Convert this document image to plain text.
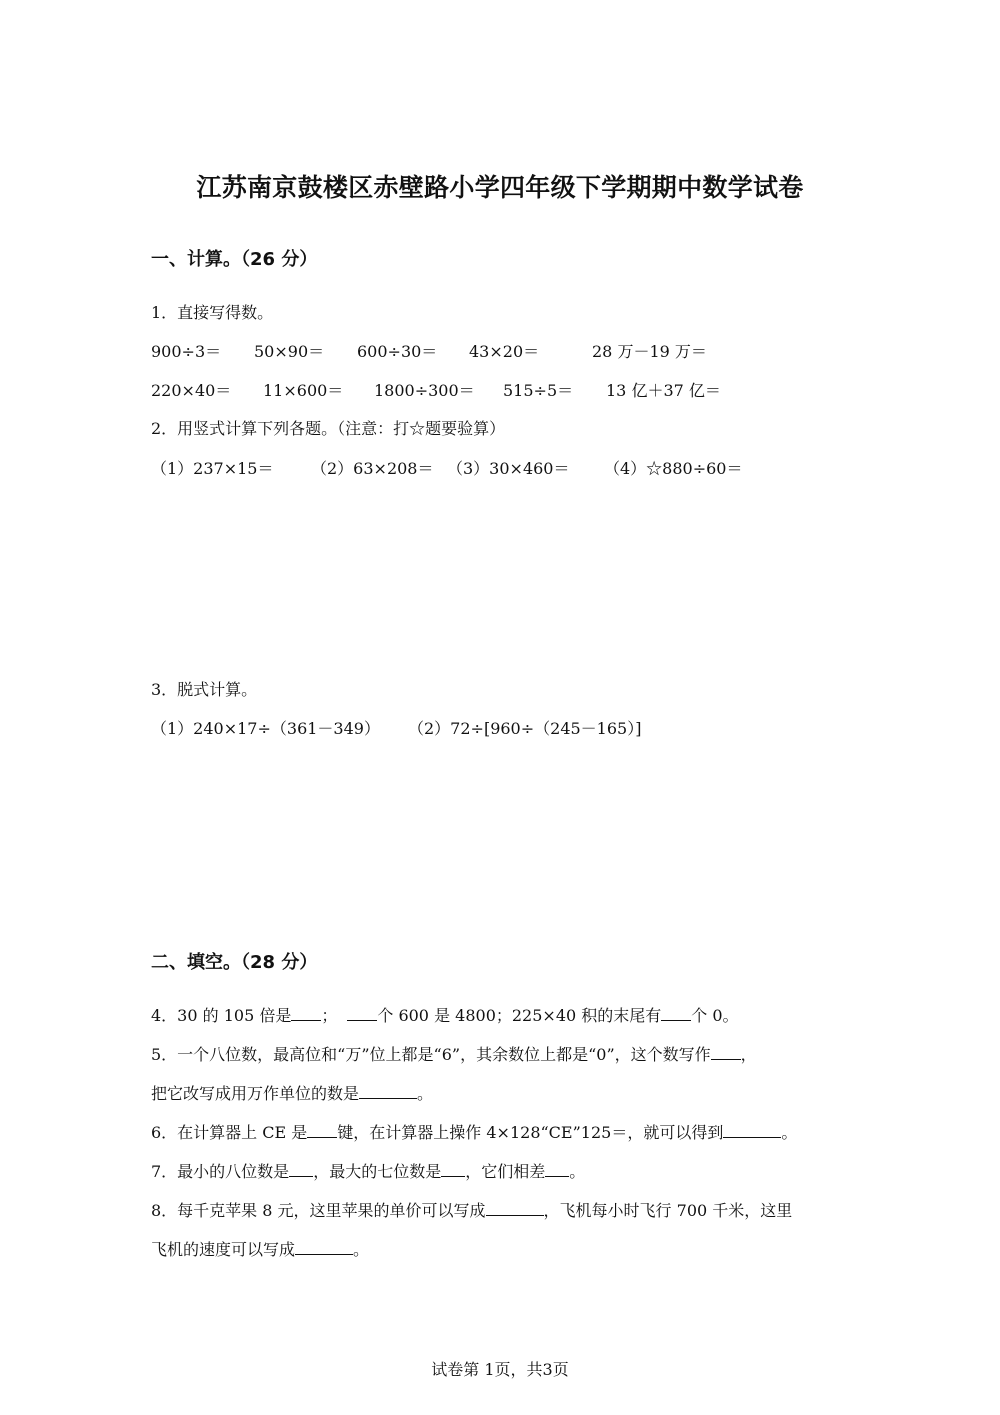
江苏南京鼓楼区赤壁路小学四年级下学期期中数学试卷
一、计算。（26 分）
1．直接写得数。
900÷3＝ 50×90＝ 600÷30＝ 43×20＝	28 万－19 万＝
220×40＝ 11×600＝ 1800÷300＝ 515÷5＝ 13 亿＋37 亿＝
2．用竖式计算下列各题。（注意：打☆题要验算）
（1）237×15＝ （2）63×208＝ （3）30×460＝ （4）☆880÷60＝
3．脱式计算。
（1）240×17÷（361－349） （2）72÷[960÷（245－165）]
二、填空。（28 分）
4．30 的 105 倍是 ；	个 600 是 4800；225×40 积的末尾有 个 0。
5．一个八位数，最高位和“万”位上都是“6”，其余数位上都是“0”，这个数写作 ，
把它改写成用万作单位的数是	。
6．在计算器上 CE 是 键，在计算器上操作 4×128“CE”125＝，就可以得到	。
7．最小的八位数是 ，最大的七位数是 ，它们相差 。
8．每千克苹果 8 元，这里苹果的单价可以写成	，飞机每小时飞行 700 千米，这里
飞机的速度可以写成	。
试卷第 1页，共3页
